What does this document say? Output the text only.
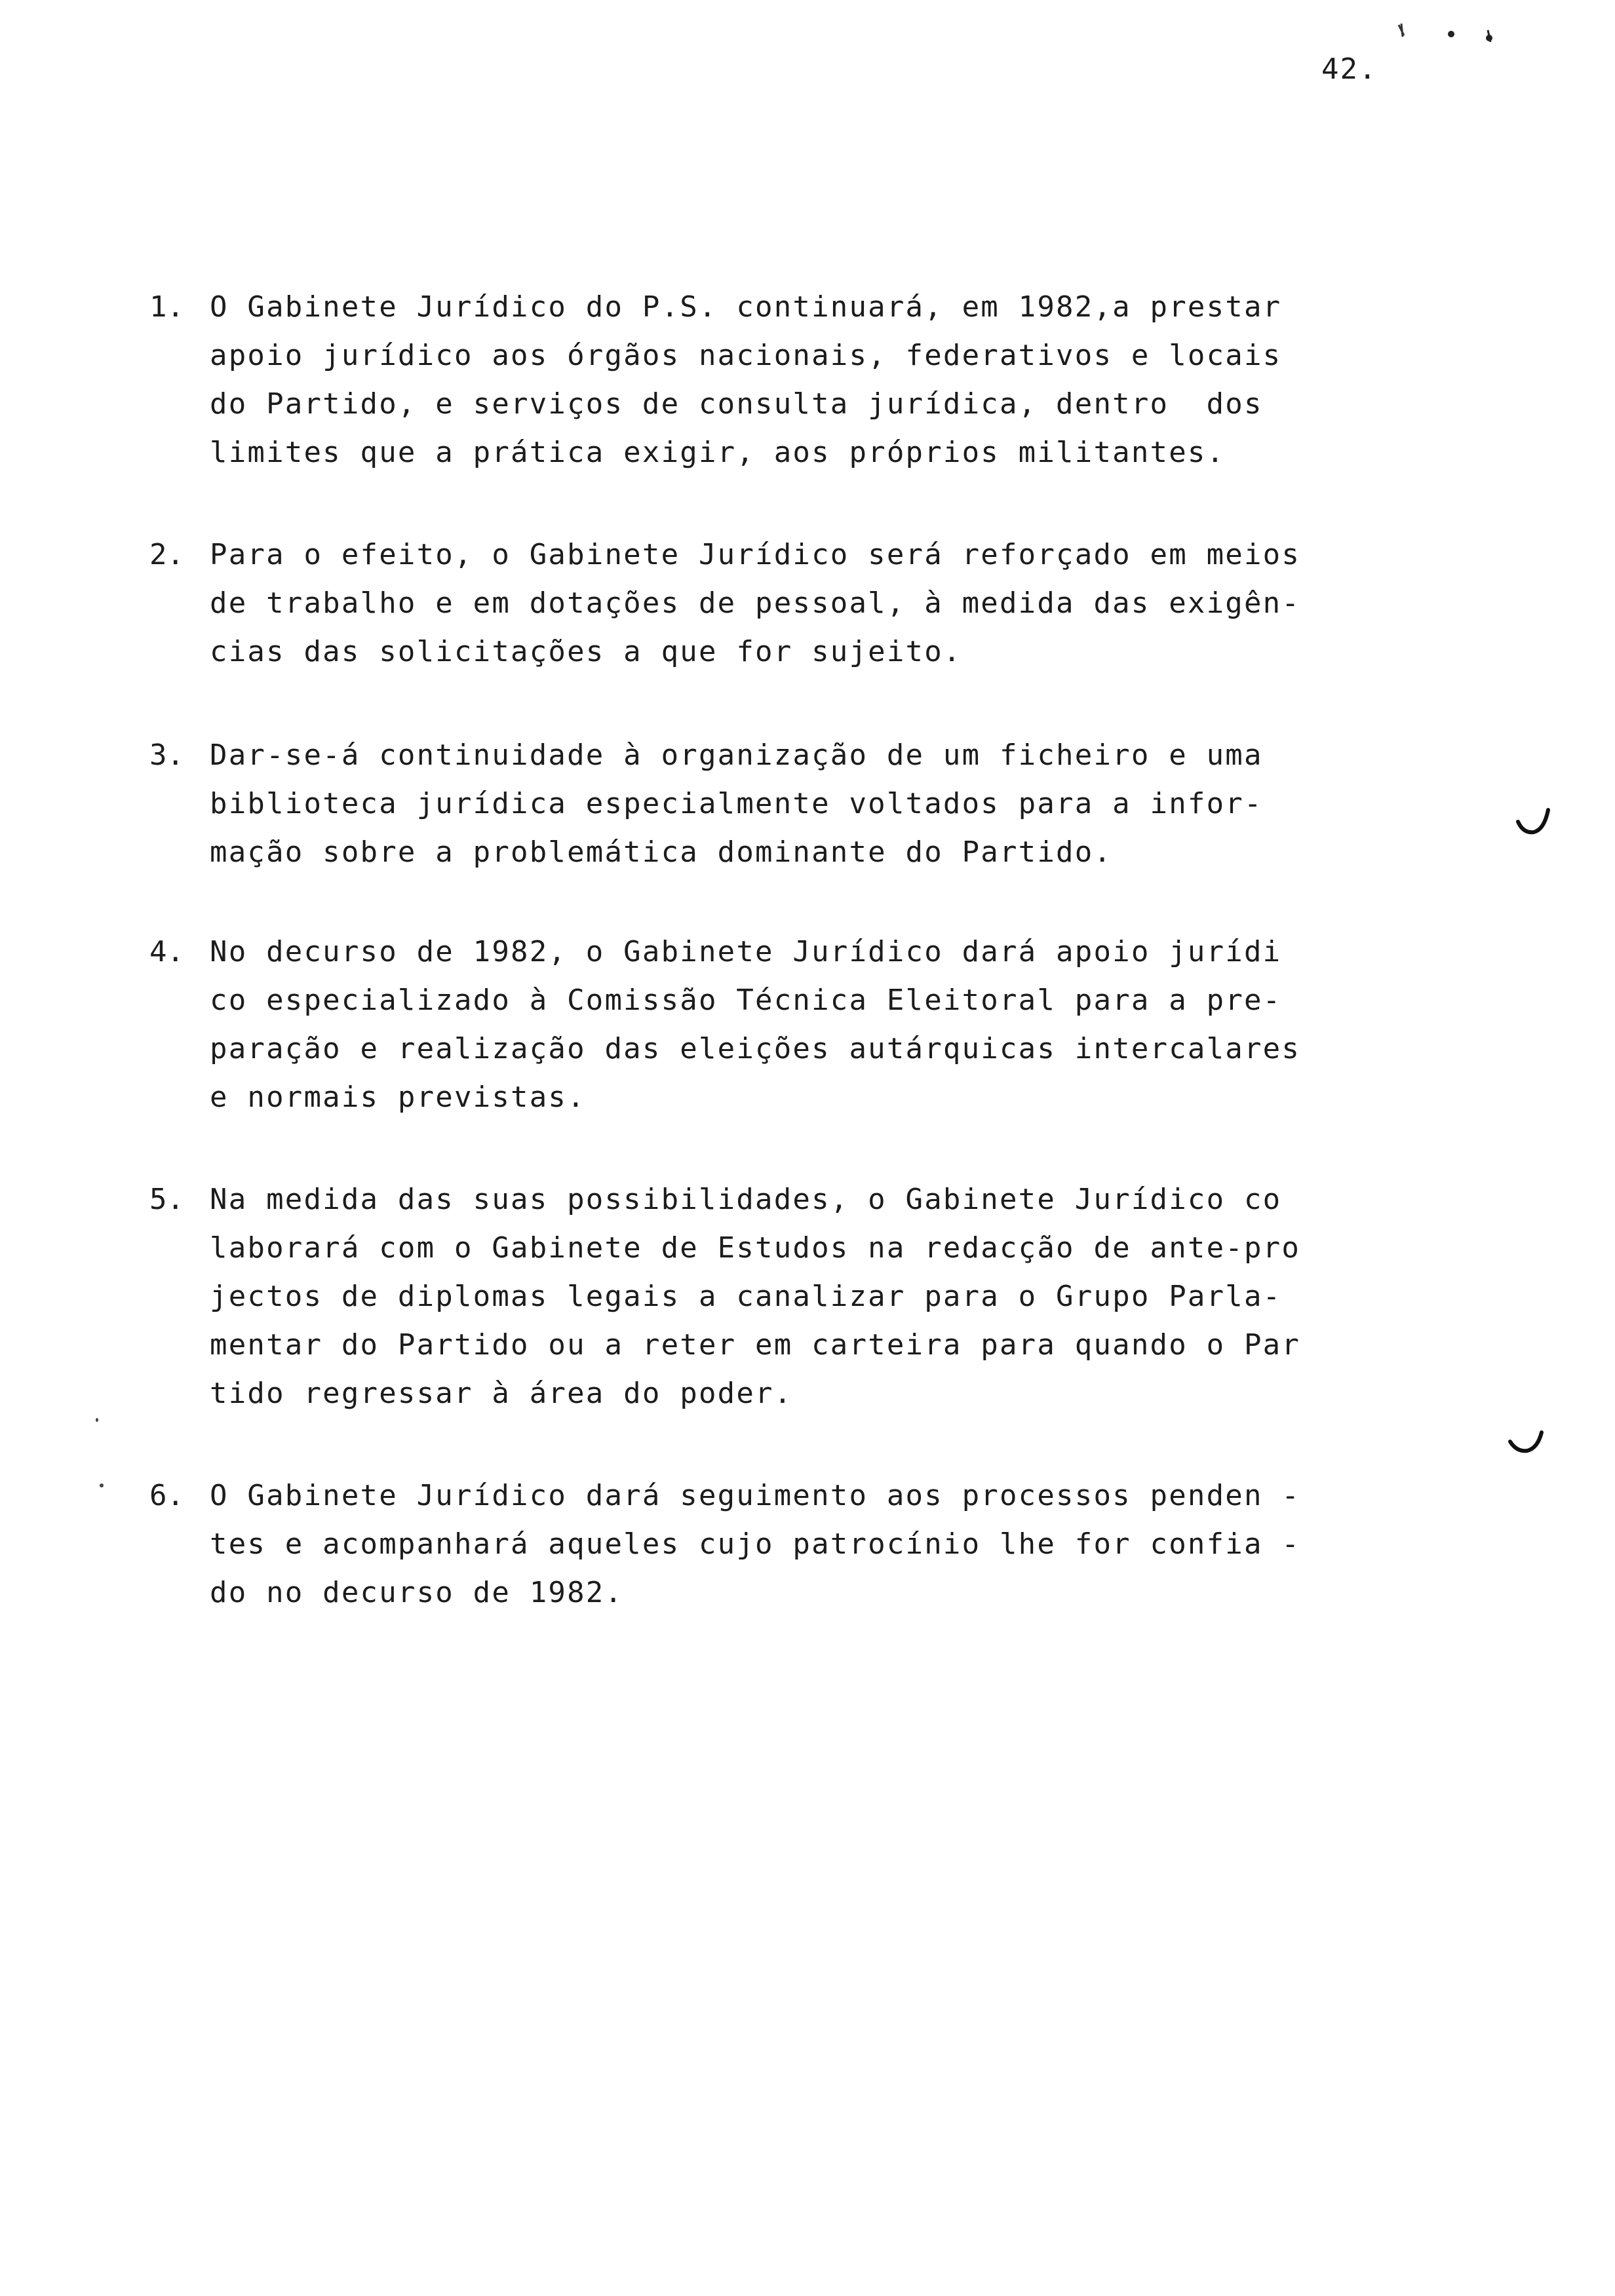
42.
1. O Gabinete Jurídico do P.S. continuará, em 1982,a prestar
apoio jurídico aos órgãos nacionais, federativos e locais
do Partido, e serviços de consulta jurídica, dentro  dos
limites que a prática exigir, aos próprios militantes.
2. Para o efeito, o Gabinete Jurídico será reforçado em meios
de trabalho e em dotações de pessoal, à medida das exigên-
cias das solicitações a que for sujeito.
3. Dar-se-á continuidade à organização de um ficheiro e uma
biblioteca jurídica especialmente voltados para a infor-
mação sobre a problemática dominante do Partido.
4. No decurso de 1982, o Gabinete Jurídico dará apoio jurídi
co especializado à Comissão Técnica Eleitoral para a pre-
paração e realização das eleições autárquicas intercalares
e normais previstas.
5. Na medida das suas possibilidades, o Gabinete Jurídico co
laborará com o Gabinete de Estudos na redacção de ante-pro
jectos de diplomas legais a canalizar para o Grupo Parla-
mentar do Partido ou a reter em carteira para quando o Par
tido regressar à área do poder.
6. O Gabinete Jurídico dará seguimento aos processos penden -
tes e acompanhará aqueles cujo patrocínio lhe for confia -
do no decurso de 1982.
